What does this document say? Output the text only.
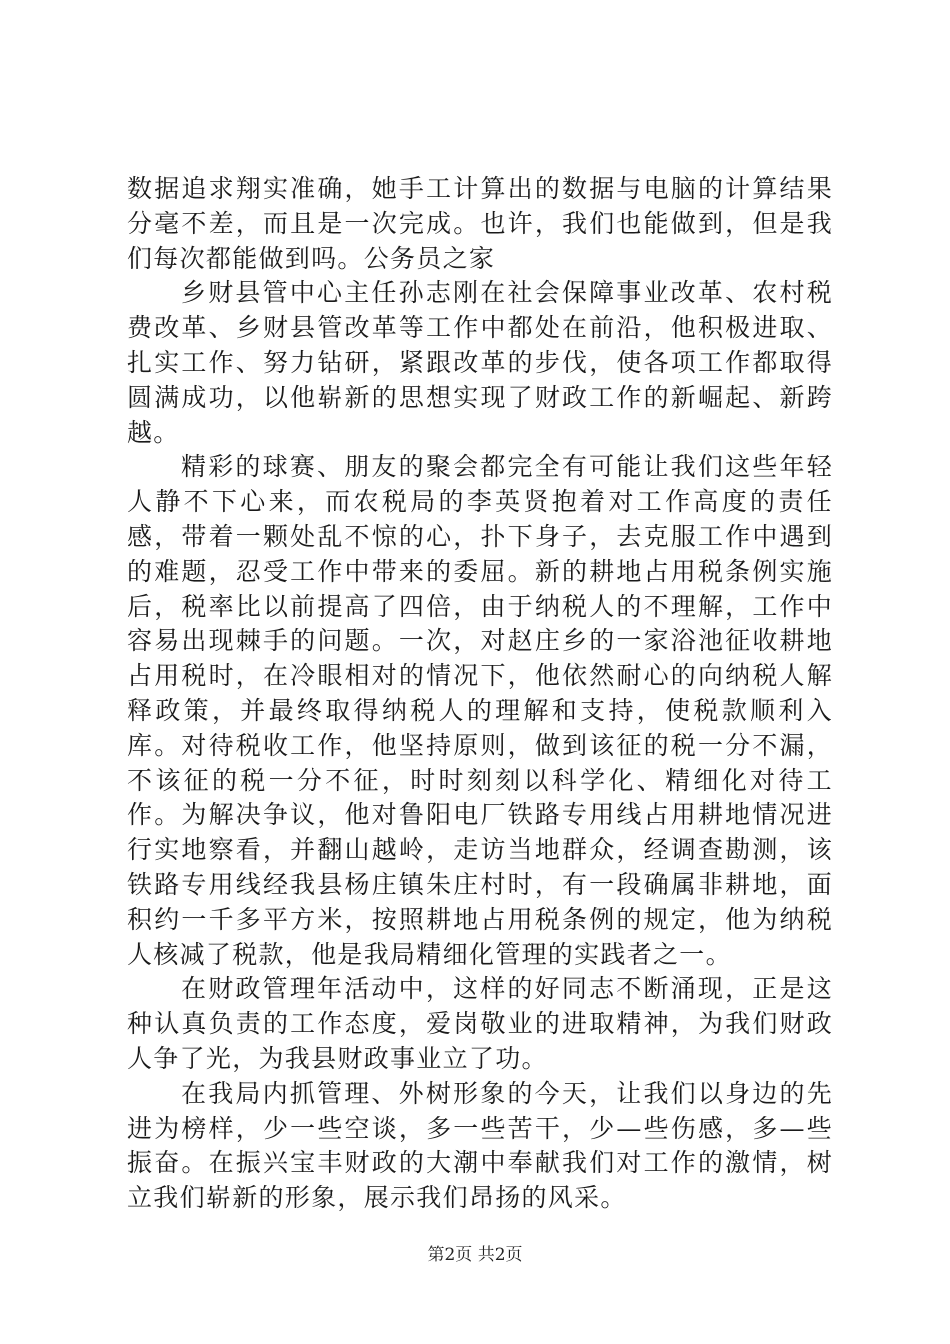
数据追求翔实准确，她手工计算出的数据与电脑的计算结果分毫不差，而且是一次完成。也许，我们也能做到，但是我们每次都能做到吗。公务员之家

乡财县管中心主任孙志刚在社会保障事业改革、农村税费改革、乡财县管改革等工作中都处在前沿，他积极进取、扎实工作、努力钻研，紧跟改革的步伐，使各项工作都取得圆满成功，以他崭新的思想实现了财政工作的新崛起、新跨越。

精彩的球赛、朋友的聚会都完全有可能让我们这些年轻人静不下心来，而农税局的李英贤抱着对工作高度的责任感，带着一颗处乱不惊的心，扑下身子，去克服工作中遇到的难题，忍受工作中带来的委屈。新的耕地占用税条例实施后，税率比以前提高了四倍，由于纳税人的不理解，工作中容易出现棘手的问题。一次，对赵庄乡的一家浴池征收耕地占用税时，在冷眼相对的情况下，他依然耐心的向纳税人解释政策，并最终取得纳税人的理解和支持，使税款顺利入库。对待税收工作，他坚持原则，做到该征的税一分不漏，不该征的税一分不征，时时刻刻以科学化、精细化对待工作。为解决争议，他对鲁阳电厂铁路专用线占用耕地情况进行实地察看，并翻山越岭，走访当地群众，经调查勘测，该铁路专用线经我县杨庄镇朱庄村时，有一段确属非耕地，面积约一千多平方米，按照耕地占用税条例的规定，他为纳税人核减了税款，他是我局精细化管理的实践者之一。

在财政管理年活动中，这样的好同志不断涌现，正是这种认真负责的工作态度，爱岗敬业的进取精神，为我们财政人争了光，为我县财政事业立了功。

在我局内抓管理、外树形象的今天，让我们以身边的先进为榜样，少一些空谈，多一些苦干，少—些伤感，多—些振奋。在振兴宝丰财政的大潮中奉献我们对工作的激情，树立我们崭新的形象，展示我们昂扬的风采。

第2页 共2页
